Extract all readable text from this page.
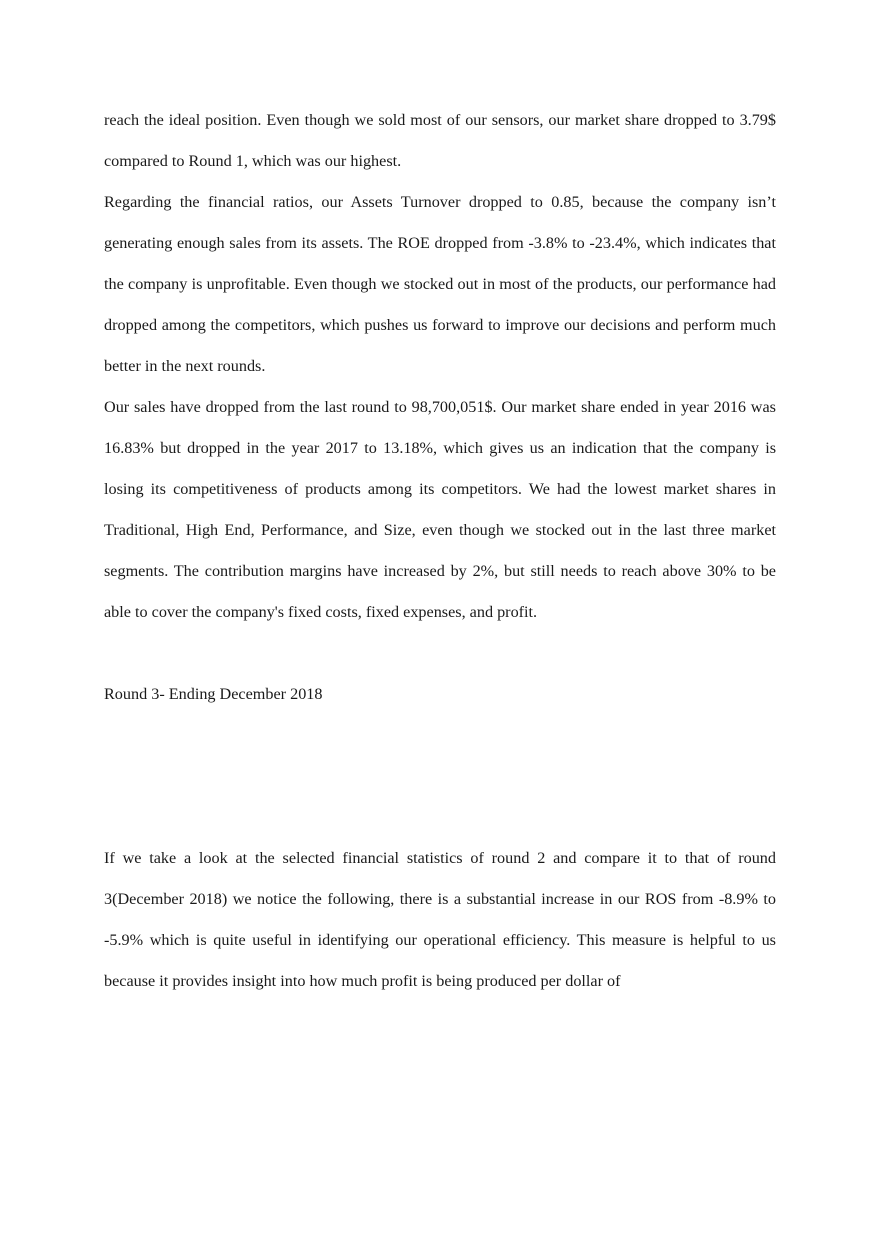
reach the ideal position. Even though we sold most of our sensors, our market share dropped to 3.79$ compared to Round 1, which was our highest.

Regarding the financial ratios, our Assets Turnover dropped to 0.85, because the company isn’t generating enough sales from its assets. The ROE dropped from -3.8% to -23.4%, which indicates that the company is unprofitable. Even though we stocked out in most of the products, our performance had dropped among the competitors, which pushes us forward to improve our decisions and perform much better in the next rounds.

Our sales have dropped from the last round to 98,700,051$. Our market share ended in year 2016 was 16.83% but dropped in the year 2017 to 13.18%, which gives us an indication that the company is losing its competitiveness of products among its competitors. We had the lowest market shares in Traditional, High End, Performance, and Size, even though we stocked out in the last three market segments. The contribution margins have increased by 2%, but still needs to reach above 30% to be able to cover the company's fixed costs, fixed expenses, and profit.

Round 3- Ending December 2018

If we take a look at the selected financial statistics of round 2 and compare it to that of round 3(December 2018) we notice the following, there is a substantial increase in our ROS from -8.9% to -5.9% which is quite useful in identifying our operational efficiency. This measure is helpful to us because it provides insight into how much profit is being produced per dollar of
